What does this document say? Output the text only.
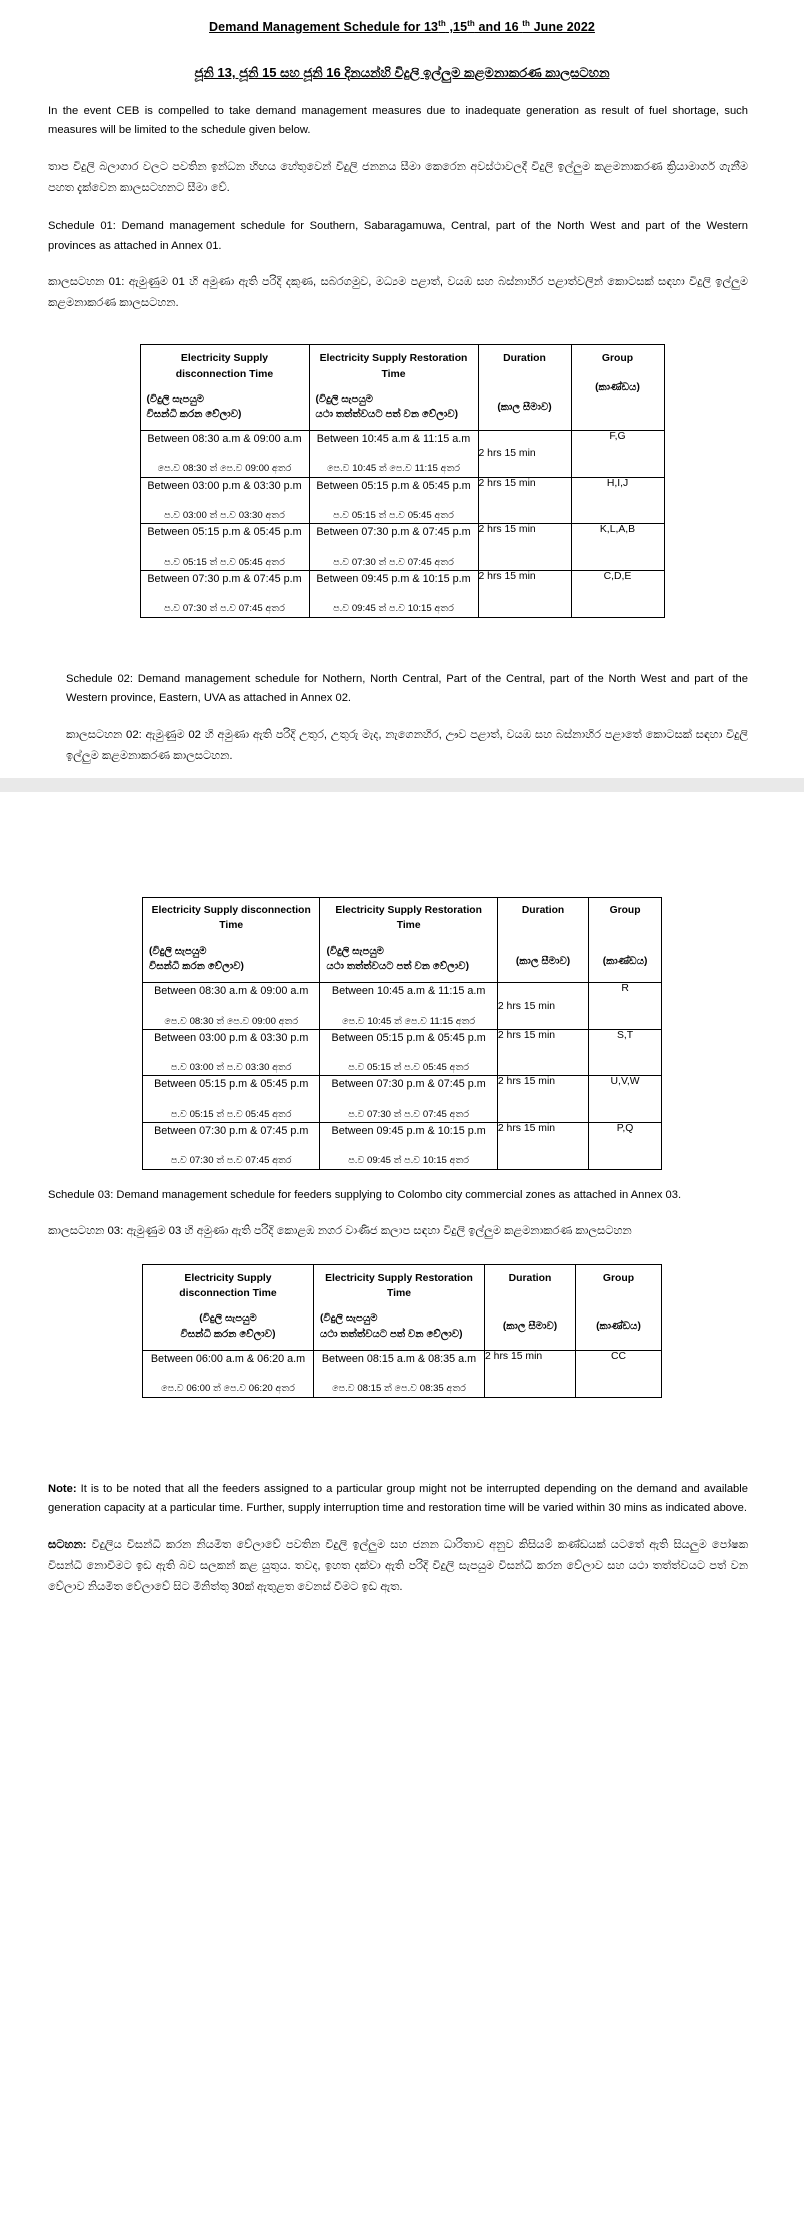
Demand Management Schedule for 13th ,15th and 16 $^{th}$ June 2022
ජූනි 13, ජූනි 15 සහ ජූනි 16 දිනයන්හි විදුලි ඉල්ලුම කළමනාකරණ කාලසටහන

In the event CEB is compelled to take demand management measures due to inadequate generation as result of fuel shortage, such measures will be limited to the schedule given below.

තාප විදුලි බලාගාර වලට පවතින ඉන්ධන හිඟය හේතුවෙන් විදුලි ජනනය සීමා කෙරෙන අවස්ථාවලදී විදුලි ඉල්ලුම කළමනාකරණ ක්‍රියාමාර්ග ගැනීම පහත දැක්වෙන කාලසටහනට සීමා වේ.

Schedule 01: Demand management schedule for Southern, Sabaragamuwa, Central, part of the North West and part of the Western provinces as attached in Annex 01.

කාලසටහන 01: ඇමුණුම 01 හි අමුණා ඇති පරිදි දකුණ, සබරගමුව, මධ්‍යම පළාත්, වයඹ සහ බස්නාහිර පළාත්වලින් කොටසක් සඳහා විදුලි ඉල්ලුම කළමනාකරණ කාලසටහන.

Electricity Supply disconnection Time
(විදුලි සැපයුම
විසන්ධි කරන වේලාව)	Electricity Supply Restoration Time
(විදුලි සැපයුම
යථා තත්ත්වයට පත් වන වේලාව)	Duration
(කාල සීමාව)	Group
(කාණ්ඩය)

Between 08:30 a.m & 09:00 a.m
පෙ.ව 08:30 ත් පෙ.ව 09:00 අතර	Between 10:45 a.m & 11:15 a.m
පෙ.ව 10:45 ත් පෙ.ව 11:15 අතර	2 hrs 15 min	F,G

Between 03:00 p.m & 03:30 p.m
ප.ව 03:00 ත් ප.ව 03:30 අතර	Between 05:15 p.m & 05:45 p.m
ප.ව 05:15 ත් ප.ව 05:45 අතර	2 hrs 15 min	H,I,J

Between 05:15 p.m & 05:45 p.m
ප.ව 05:15 ත් ප.ව 05:45 අතර	Between 07:30 p.m & 07:45 p.m
ප.ව 07:30 ත් ප.ව 07:45 අතර	2 hrs 15 min	K,L,A,B

Between 07:30 p.m & 07:45 p.m
ප.ව 07:30 ත් ප.ව 07:45 අතර	Between 09:45 p.m & 10:15 p.m
ප.ව 09:45 ත් ප.ව 10:15 අතර	2 hrs 15 min	C,D,E

Schedule 02: Demand management schedule for Nothern, North Central, Part of the Central, part of the North West and part of the Western province, Eastern, UVA as attached in Annex 02.

කාලසටහන 02: ඇමුණුම 02 හි අමුණා ඇති පරිදි උතුර, උතුරු මැද, නැගෙනහිර, ඌව පළාත්, වයඹ සහ බස්නාහිර පළාතේ කොටසක් සඳහා විදුලි ඉල්ලුම කළමනාකරණ කාලසටහන.

Electricity Supply disconnection Time
(විදුලි සැපයුම
විසන්ධි කරන වේලාව)	Electricity Supply Restoration Time
(විදුලි සැපයුම
යථා තත්ත්වයට පත් වන වේලාව)	Duration
(කාල සීමාව)	Group
(කාණ්ඩය)

Between 08:30 a.m & 09:00 a.m
පෙ.ව 08:30 ත් පෙ.ව 09:00 අතර	Between 10:45 a.m & 11:15 a.m
පෙ.ව 10:45 ත් පෙ.ව 11:15 අතර	2 hrs 15 min	R

Between 03:00 p.m & 03:30 p.m
ප.ව 03:00 ත් ප.ව 03:30 අතර	Between 05:15 p.m & 05:45 p.m
ප.ව 05:15 ත් ප.ව 05:45 අතර	2 hrs 15 min	S,T

Between 05:15 p.m & 05:45 p.m
ප.ව 05:15 ත් ප.ව 05:45 අතර	Between 07:30 p.m & 07:45 p.m
ප.ව 07:30 ත් ප.ව 07:45 අතර	2 hrs 15 min	U,V,W

Between 07:30 p.m & 07:45 p.m
ප.ව 07:30 ත් ප.ව 07:45 අතර	Between 09:45 p.m & 10:15 p.m
ප.ව 09:45 ත් ප.ව 10:15 අතර	2 hrs 15 min	P,Q

Schedule 03: Demand management schedule for feeders supplying to Colombo city commercial zones as attached in Annex 03.

කාලසටහන 03: ඇමුණුම 03 හි අමුණා ඇති පරිදි කොළඹ නගර වාණිජ කලාප සඳහා විදුලි ඉල්ලුම කළමනාකරණ කාලසටහන

Electricity Supply disconnection Time
(විදුලි සැපයුම
විසන්ධි කරන වේලාව)	Electricity Supply Restoration Time
(විදුලි සැපයුම
යථා තත්ත්වයට පත් වන වේලාව)	Duration
(කාල සීමාව)	Group
(කාණ්ඩය)

Between 06:00 a.m & 06:20 a.m
පෙ.ව 06:00 ත් පෙ.ව 06:20 අතර	Between 08:15 a.m & 08:35 a.m
පෙ.ව 08:15 ත් පෙ.ව 08:35 අතර	2 hrs 15 min	CC

Note: It is to be noted that all the feeders assigned to a particular group might not be interrupted depending on the demand and available generation capacity at a particular time. Further, supply interruption time and restoration time will be varied within 30 mins as indicated above.

සටහන: විදුලිය විසන්ධි කරන නියමිත වේලාවේ පවතින විදුලි ඉල්ලුම සහ ජනන ධාරිතාව අනුව කිසියම් කණ්ඩයක් යටතේ ඇති සියලුම පෝෂක විසන්ධි නොවීමට ඉඩ ඇති බව සලකන් කළ යුතුය. තවද, ඉහත දක්වා ඇති පරිදි විදුලි සැපයුම විසන්ධි කරන වේලාව සහ යථා තත්ත්වයට පත් වන වේලාව නියමිත වේලාවේ සිට මිනිත්තු 30ක් ඇතුළත වෙනස් වීමට ඉඩ ඇත.
